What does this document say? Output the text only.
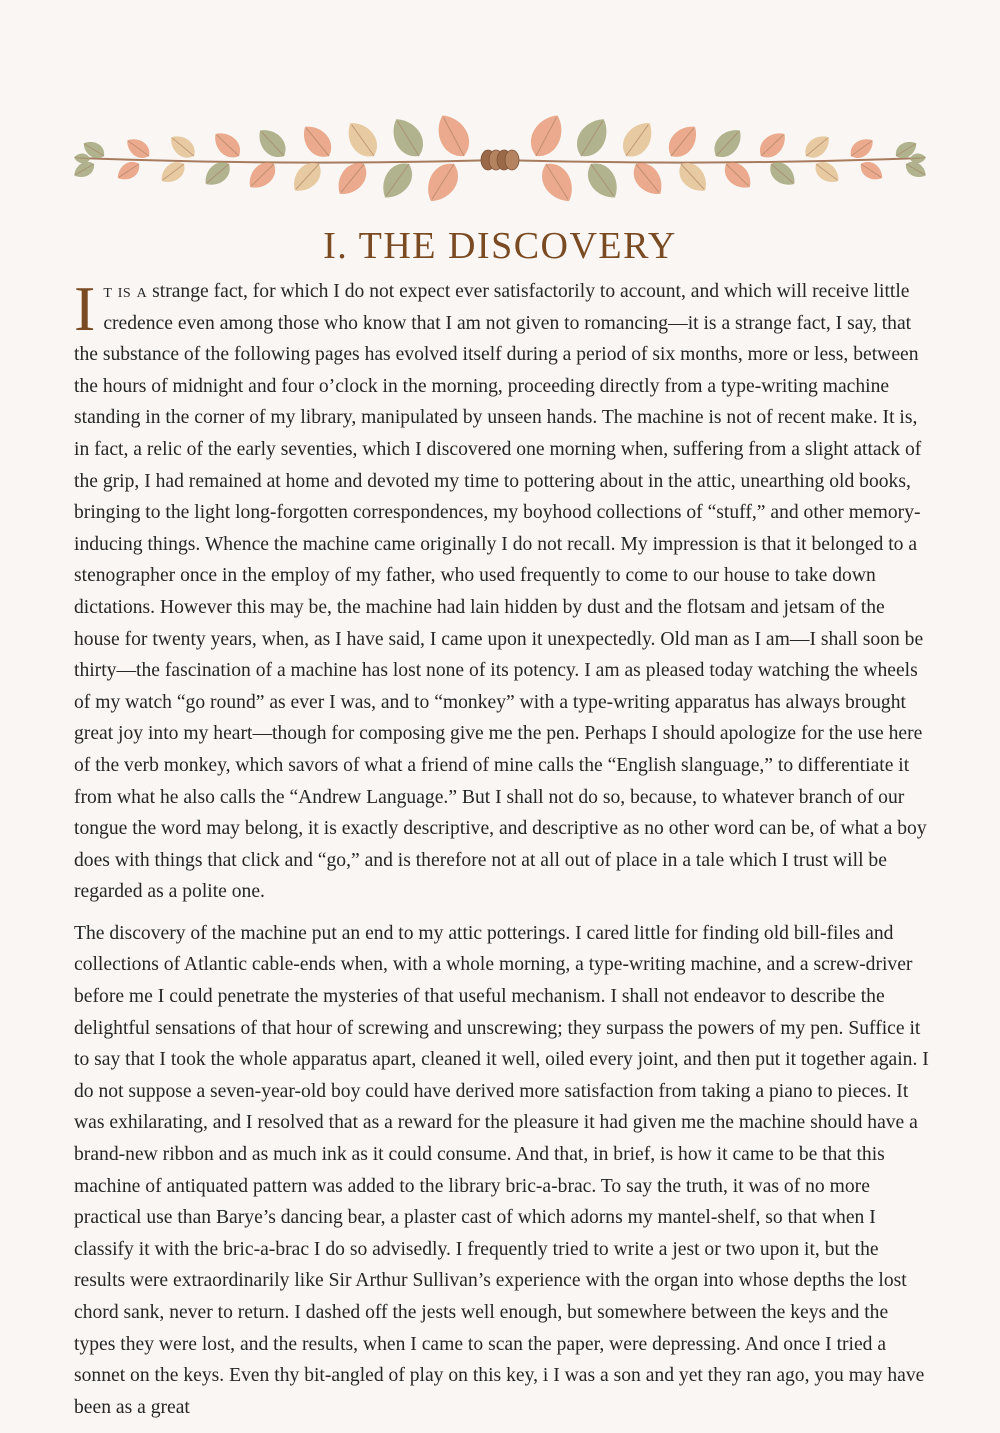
I. THE DISCOVERY

It is a strange fact, for which I do not expect ever satisfactorily to account, and which will receive little credence even among those who know that I am not given to romancing—it is a strange fact, I say, that the substance of the following pages has evolved itself during a period of six months, more or less, between the hours of midnight and four o’clock in the morning, proceeding directly from a type-writing machine standing in the corner of my library, manipulated by unseen hands. The machine is not of recent make. It is, in fact, a relic of the early seventies, which I discovered one morning when, suffering from a slight attack of the grip, I had remained at home and devoted my time to pottering about in the attic, unearthing old books, bringing to the light long-forgotten correspondences, my boyhood collections of “stuff,” and other memory-inducing things. Whence the machine came originally I do not recall. My impression is that it belonged to a stenographer once in the employ of my father, who used frequently to come to our house to take down dictations. However this may be, the machine had lain hidden by dust and the flotsam and jetsam of the house for twenty years, when, as I have said, I came upon it unexpectedly. Old man as I am—I shall soon be thirty—the fascination of a machine has lost none of its potency. I am as pleased today watching the wheels of my watch “go round” as ever I was, and to “monkey” with a type-writing apparatus has always brought great joy into my heart—though for composing give me the pen. Perhaps I should apologize for the use here of the verb monkey, which savors of what a friend of mine calls the “English slanguage,” to differentiate it from what he also calls the “Andrew Language.” But I shall not do so, because, to whatever branch of our tongue the word may belong, it is exactly descriptive, and descriptive as no other word can be, of what a boy does with things that click and “go,” and is therefore not at all out of place in a tale which I trust will be regarded as a polite one.

The discovery of the machine put an end to my attic potterings. I cared little for finding old bill-files and collections of Atlantic cable-ends when, with a whole morning, a type-writing machine, and a screw-driver before me I could penetrate the mysteries of that useful mechanism. I shall not endeavor to describe the delightful sensations of that hour of screwing and unscrewing; they surpass the powers of my pen. Suffice it to say that I took the whole apparatus apart, cleaned it well, oiled every joint, and then put it together again. I do not suppose a seven-year-old boy could have derived more satisfaction from taking a piano to pieces. It was exhilarating, and I resolved that as a reward for the pleasure it had given me the machine should have a brand-new ribbon and as much ink as it could consume. And that, in brief, is how it came to be that this machine of antiquated pattern was added to the library bric-a-brac. To say the truth, it was of no more practical use than Barye’s dancing bear, a plaster cast of which adorns my mantel-shelf, so that when I classify it with the bric-a-brac I do so advisedly. I frequently tried to write a jest or two upon it, but the results were extraordinarily like Sir Arthur Sullivan’s experience with the organ into whose depths the lost chord sank, never to return. I dashed off the jests well enough, but somewhere between the keys and the types they were lost, and the results, when I came to scan the paper, were depressing. And once I tried a sonnet on the keys. Even thy bit-angled of play on this key, i I was a son and yet they ran ago, you may have been as a great
